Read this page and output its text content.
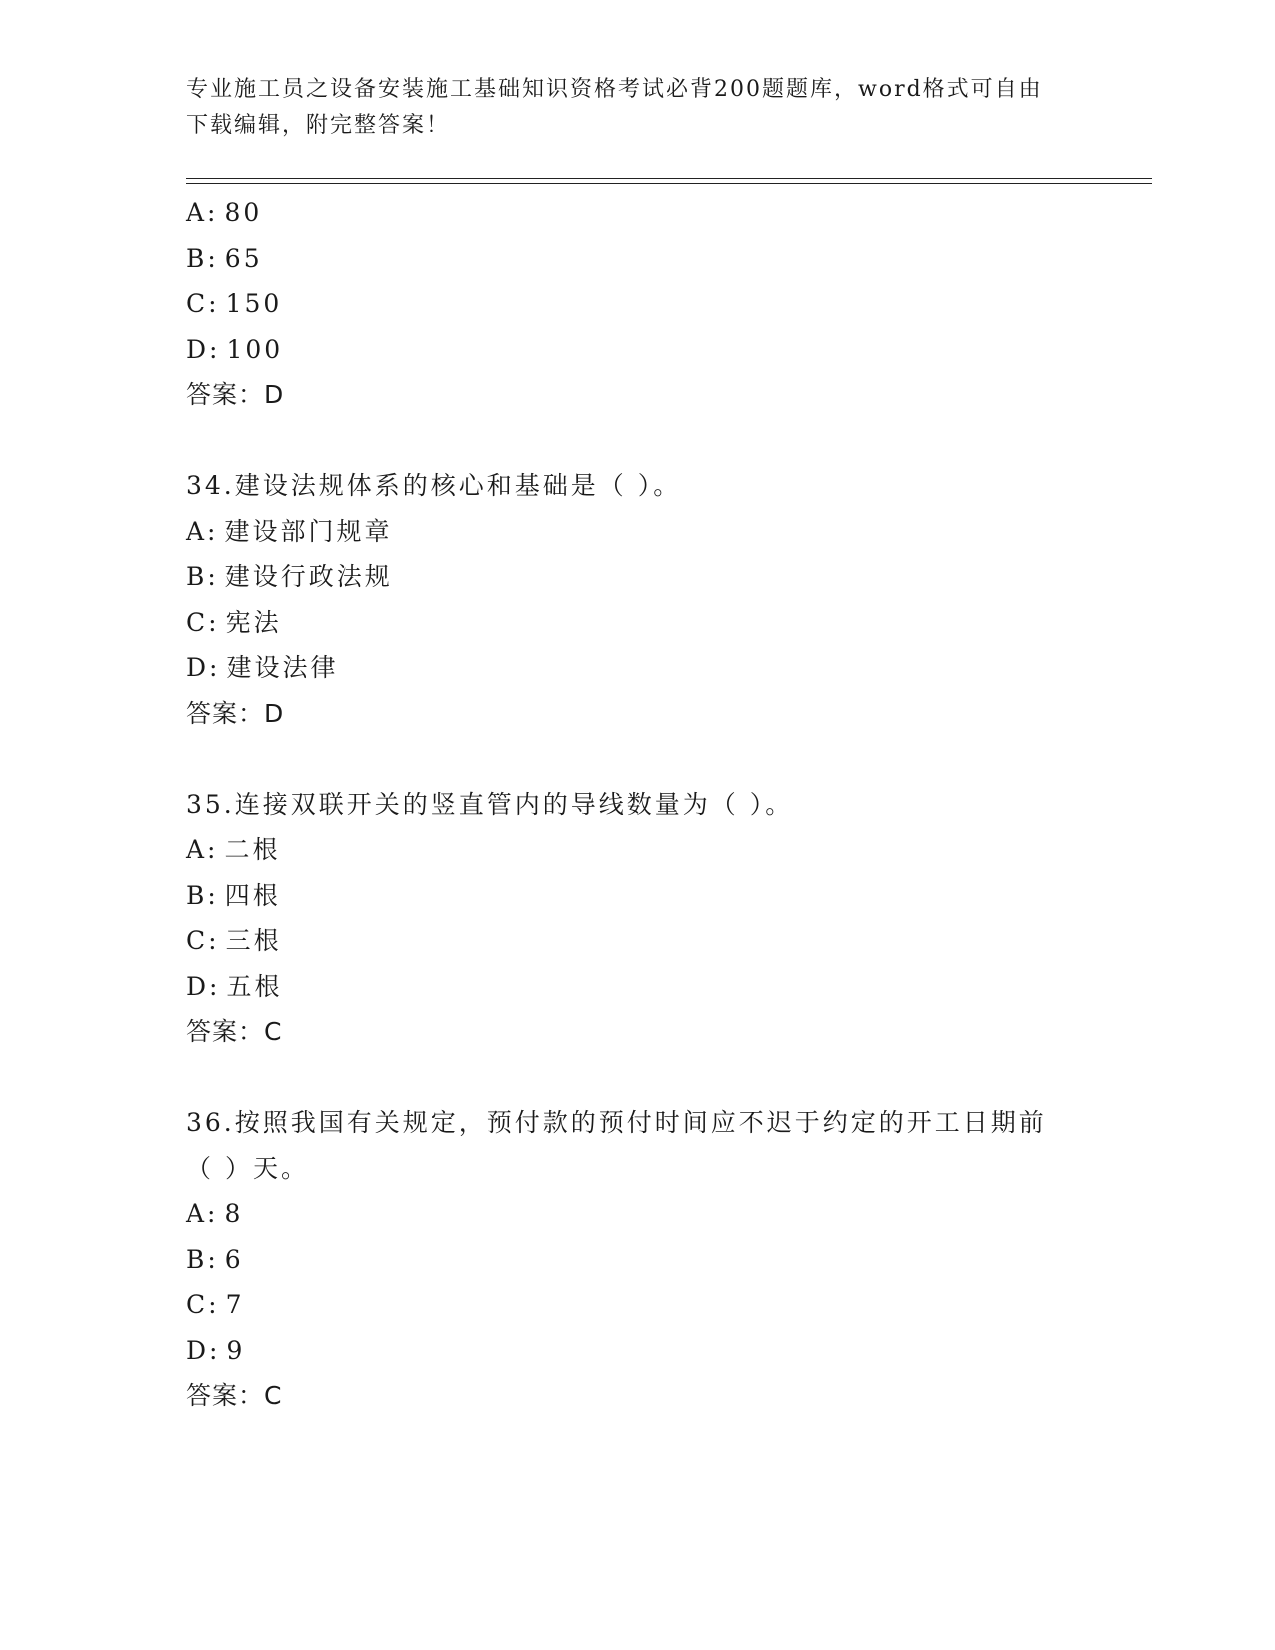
专业施工员之设备安装施工基础知识资格考试必背200题题库，word格式可自由
下载编辑，附完整答案！
A: 80
B: 65
C: 150
D: 100
答案：D
34.建设法规体系的核心和基础是（ ）。
A: 建设部门规章
B: 建设行政法规
C: 宪法
D: 建设法律
答案：D
35.连接双联开关的竖直管内的导线数量为（ ）。
A: 二根
B: 四根
C: 三根
D: 五根
答案：C
36.按照我国有关规定，预付款的预付时间应不迟于约定的开工日期前
（ ）天。
A: 8
B: 6
C: 7
D: 9
答案：C
